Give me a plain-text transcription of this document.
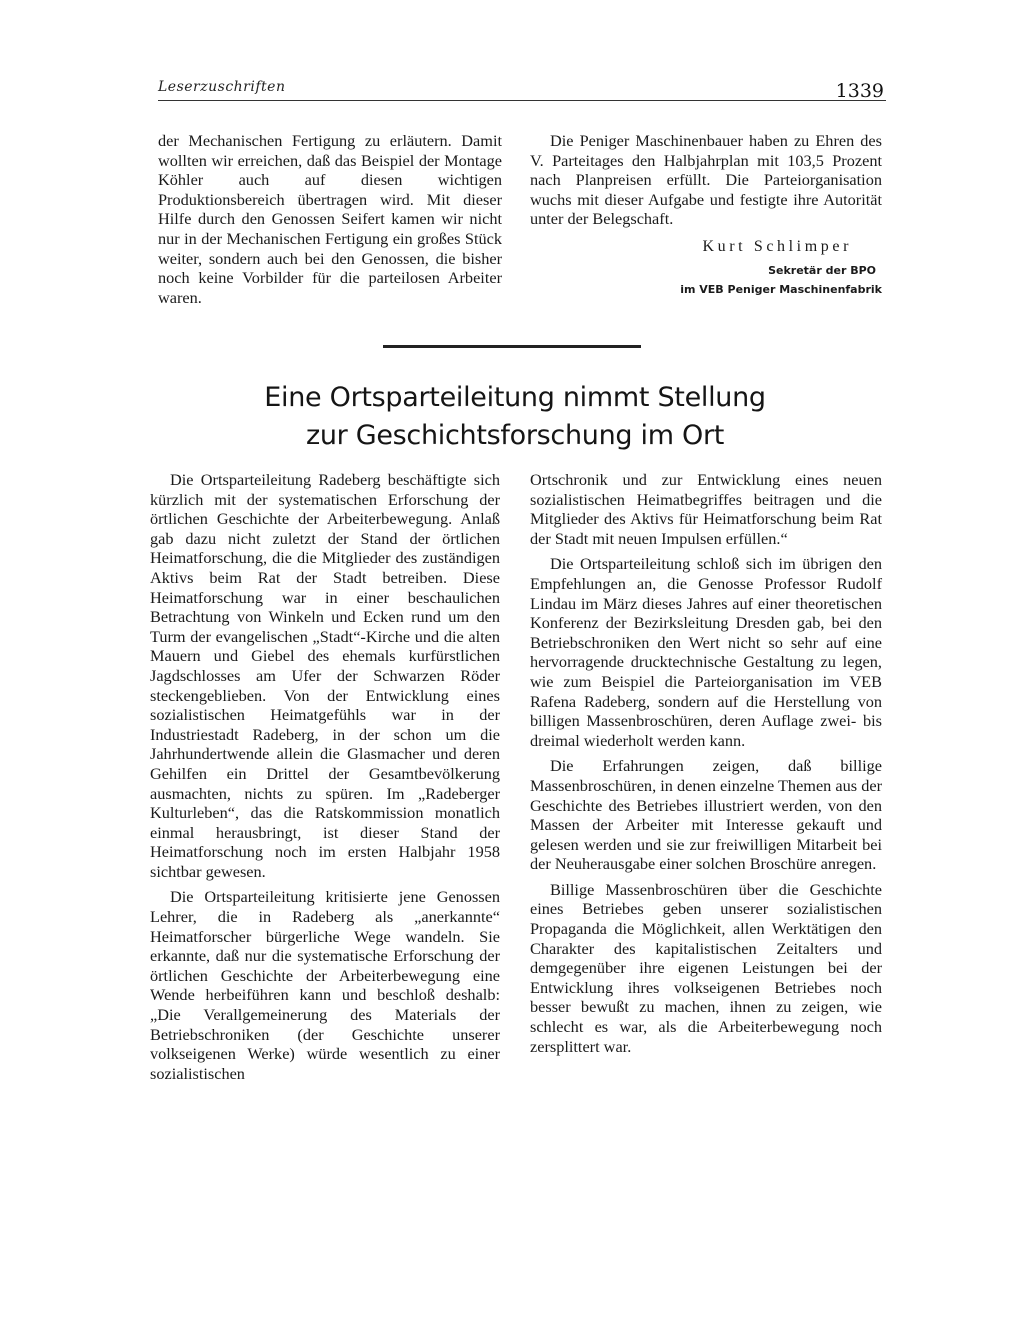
Leserzuschriften	1339

der Mechanischen Fertigung zu erläutern. Damit wollten wir erreichen, daß das Beispiel der Montage Köhler auch auf diesen wichtigen Produktionsbereich übertragen wird. Mit dieser Hilfe durch den Genossen Seifert kamen wir nicht nur in der Mechanischen Fertigung ein großes Stück weiter, sondern auch bei den Genossen, die bisher noch keine Vorbilder für die parteilosen Arbeiter waren.

Die Peniger Maschinenbauer haben zu Ehren des V. Parteitages den Halbjahrplan mit 103,5 Prozent nach Planpreisen erfüllt. Die Parteiorganisation wuchs mit dieser Aufgabe und festigte ihre Autorität unter der Belegschaft.

Kurt Schlimper
Sekretär der BPO
im VEB Peniger Maschinenfabrik
Eine Ortsparteileitung nimmt Stellung
zur Geschichtsforschung im Ort

Die Ortsparteileitung Radeberg beschäftigte sich kürzlich mit der systematischen Erforschung der örtlichen Geschichte der Arbeiterbewegung. Anlaß gab dazu nicht zuletzt der Stand der örtlichen Heimatforschung, die die Mitglieder des zuständigen Aktivs beim Rat der Stadt betreiben. Diese Heimatforschung war in einer beschaulichen Betrachtung von Winkeln und Ecken rund um den Turm der evangelischen „Stadt“-Kirche und die alten Mauern und Giebel des ehemals kurfürstlichen Jagdschlosses am Ufer der Schwarzen Röder steckengeblieben. Von der Entwicklung eines sozialistischen Heimatgefühls war in der Industriestadt Radeberg, in der schon um die Jahrhundertwende allein die Glasmacher und deren Gehilfen ein Drittel der Gesamtbevölkerung ausmachten, nichts zu spüren. Im „Radeberger Kulturleben“, das die Ratskommission monatlich einmal herausbringt, ist dieser Stand der Heimatforschung noch im ersten Halbjahr 1958 sichtbar gewesen.

Die Ortsparteileitung kritisierte jene Genossen Lehrer, die in Radeberg als „anerkannte“ Heimatforscher bürgerliche Wege wandeln. Sie erkannte, daß nur die systematische Erforschung der örtlichen Geschichte der Arbeiterbewegung eine Wende herbeiführen kann und beschloß deshalb: „Die Verallgemeinerung des Materials der Betriebschroniken (der Geschichte unserer volkseigenen Werke) würde wesentlich zu einer sozialistischen

Ortschronik und zur Entwicklung eines neuen sozialistischen Heimatbegriffes beitragen und die Mitglieder des Aktivs für Heimatforschung beim Rat der Stadt mit neuen Impulsen erfüllen.“

Die Ortsparteileitung schloß sich im übrigen den Empfehlungen an, die Genosse Professor Rudolf Lindau im März dieses Jahres auf einer theoretischen Konferenz der Bezirksleitung Dresden gab, bei den Betriebschroniken den Wert nicht so sehr auf eine hervorragende drucktechnische Gestaltung zu legen, wie zum Beispiel die Parteiorganisation im VEB Rafena Radeberg, sondern auf die Herstellung von billigen Massenbroschüren, deren Auflage zwei- bis dreimal wiederholt werden kann.

Die Erfahrungen zeigen, daß billige Massenbroschüren, in denen einzelne Themen aus der Geschichte des Betriebes illustriert werden, von den Massen der Arbeiter mit Interesse gekauft und gelesen werden und sie zur freiwilligen Mitarbeit bei der Neuherausgabe einer solchen Broschüre anregen.

Billige Massenbroschüren über die Geschichte eines Betriebes geben unserer sozialistischen Propaganda die Möglichkeit, allen Werktätigen den Charakter des kapitalistischen Zeitalters und demgegenüber ihre eigenen Leistungen bei der Entwicklung ihres volkseigenen Betriebes noch besser bewußt zu machen, ihnen zu zeigen, wie schlecht es war, als die Arbeiterbewegung noch zersplittert war.
